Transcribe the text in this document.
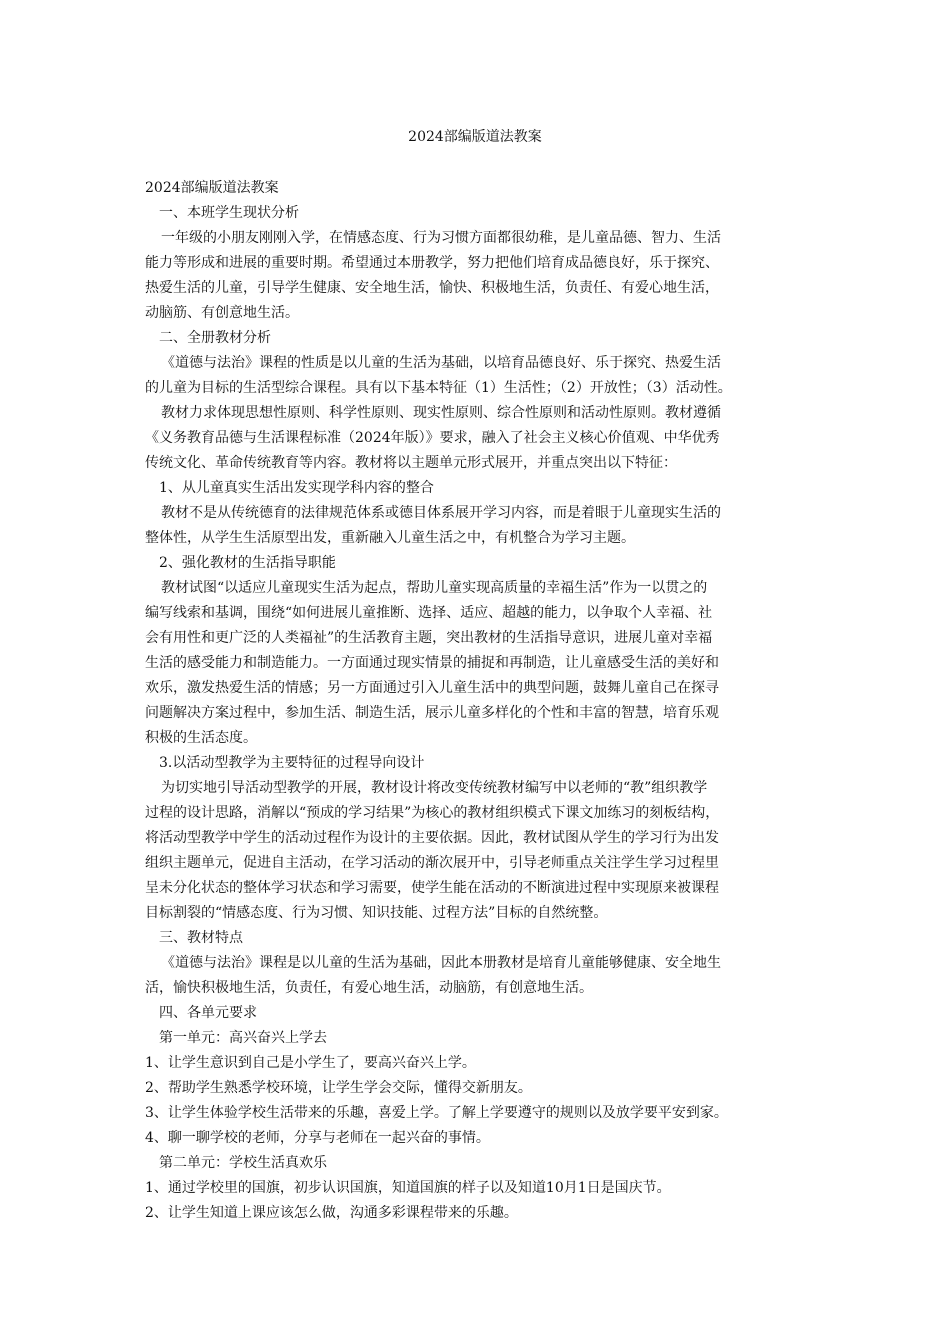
2024部编版道法教案
2024部编版道法教案
一、本班学生现状分析
一年级的小朋友刚刚入学，在情感态度、行为习惯方面都很幼稚，是儿童品德、智力、生活
能力等形成和进展的重要时期。希望通过本册教学，努力把他们培育成品德良好，乐于探究、
热爱生活的儿童，引导学生健康、安全地生活，愉快、积极地生活，负责任、有爱心地生活，
动脑筋、有创意地生活。
二、全册教材分析
《道德与法治》课程的性质是以儿童的生活为基础，以培育品德良好、乐于探究、热爱生活
的儿童为目标的生活型综合课程。具有以下基本特征（1）生活性；（2）开放性；（3）活动性。
教材力求体现思想性原则、科学性原则、现实性原则、综合性原则和活动性原则。教材遵循
《义务教育品德与生活课程标准（2024年版）》要求，融入了社会主义核心价值观、中华优秀
传统文化、革命传统教育等内容。教材将以主题单元形式展开，并重点突出以下特征：
1、从儿童真实生活出发实现学科内容的整合
教材不是从传统德育的法律规范体系或德目体系展开学习内容，而是着眼于儿童现实生活的
整体性，从学生生活原型出发，重新融入儿童生活之中，有机整合为学习主题。
2、强化教材的生活指导职能
教材试图“以适应儿童现实生活为起点，帮助儿童实现高质量的幸福生活”作为一以贯之的
编写线索和基调，围绕“如何进展儿童推断、选择、适应、超越的能力，以争取个人幸福、社
会有用性和更广泛的人类福祉”的生活教育主题，突出教材的生活指导意识，进展儿童对幸福
生活的感受能力和制造能力。一方面通过现实情景的捕捉和再制造，让儿童感受生活的美好和
欢乐，激发热爱生活的情感；另一方面通过引入儿童生活中的典型问题，鼓舞儿童自己在探寻
问题解决方案过程中，参加生活、制造生活，展示儿童多样化的个性和丰富的智慧，培育乐观
积极的生活态度。
3.以活动型教学为主要特征的过程导向设计
为切实地引导活动型教学的开展，教材设计将改变传统教材编写中以老师的“教”组织教学
过程的设计思路，消解以“预成的学习结果”为核心的教材组织模式下课文加练习的刻板结构，
将活动型教学中学生的活动过程作为设计的主要依据。因此，教材试图从学生的学习行为出发
组织主题单元，促进自主活动，在学习活动的渐次展开中，引导老师重点关注学生学习过程里
呈未分化状态的整体学习状态和学习需要，使学生能在活动的不断演进过程中实现原来被课程
目标割裂的“情感态度、行为习惯、知识技能、过程方法”目标的自然统整。
三、教材特点
《道德与法治》课程是以儿童的生活为基础，因此本册教材是培育儿童能够健康、安全地生
活，愉快积极地生活，负责任，有爱心地生活，动脑筋，有创意地生活。
四、各单元要求
第一单元：高兴奋兴上学去
1、让学生意识到自己是小学生了，要高兴奋兴上学。
2、帮助学生熟悉学校环境，让学生学会交际，懂得交新朋友。
3、让学生体验学校生活带来的乐趣，喜爱上学。了解上学要遵守的规则以及放学要平安到家。
4、聊一聊学校的老师，分享与老师在一起兴奋的事情。
第二单元：学校生活真欢乐
1、通过学校里的国旗，初步认识国旗，知道国旗的样子以及知道10月1日是国庆节。
2、让学生知道上课应该怎么做，沟通多彩课程带来的乐趣。
